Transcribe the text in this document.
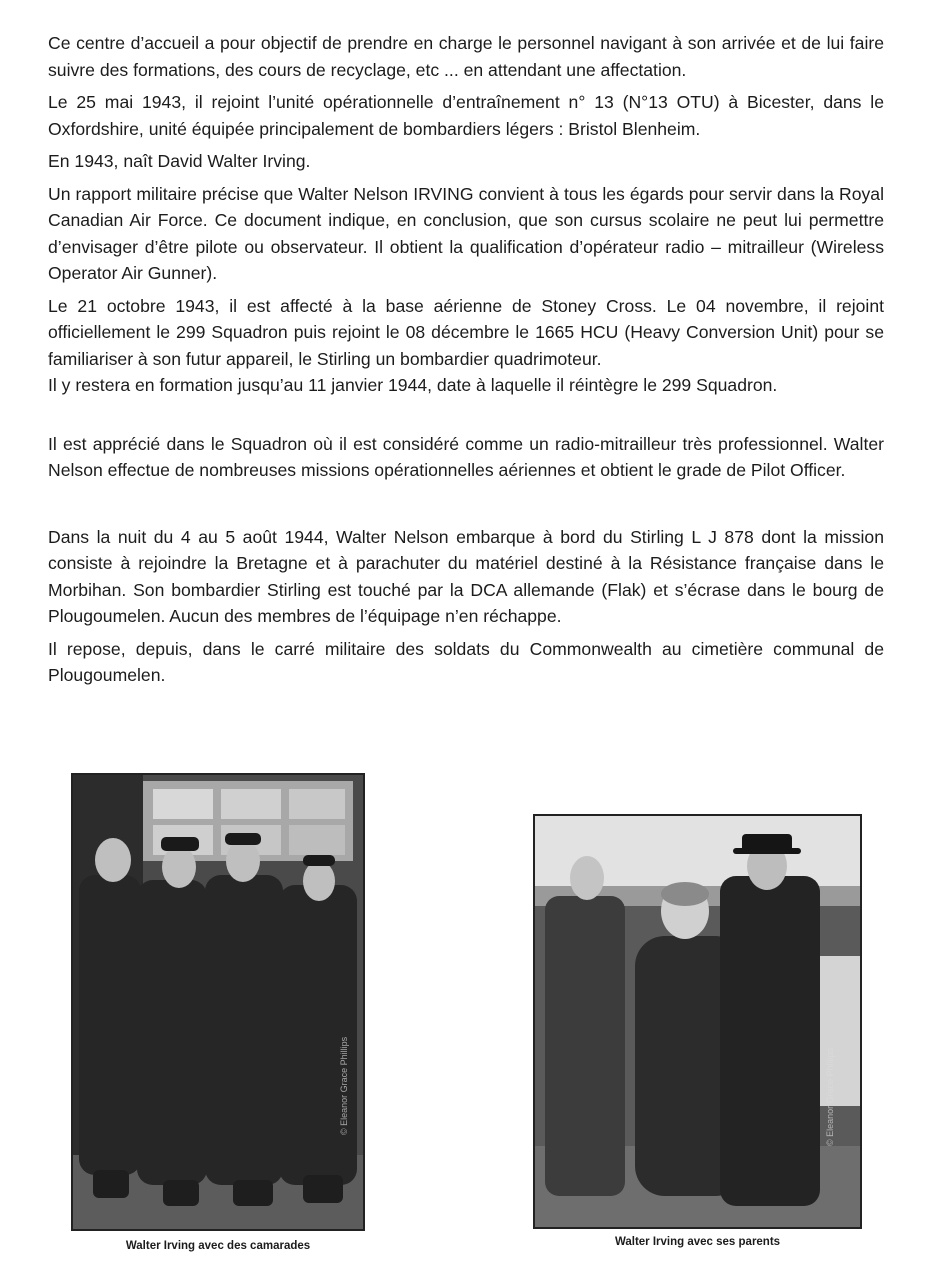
Ce centre d’accueil a pour objectif de prendre en charge le personnel navigant à son arrivée et de lui faire suivre des formations, des cours de recyclage, etc ... en attendant une affectation.

Le 25 mai 1943, il rejoint l’unité opérationnelle d’entraînement n° 13 (N°13 OTU) à Bicester, dans le Oxfordshire, unité équipée principalement de bombardiers légers : Bristol Blenheim.

En 1943, naît David Walter Irving.

Un rapport militaire précise que Walter Nelson IRVING convient à tous les égards pour servir dans la Royal Canadian Air Force. Ce document indique, en conclusion, que son cursus scolaire ne peut lui permettre d’envisager d’être pilote ou observateur. Il obtient la qualification d’opérateur radio – mitrailleur (Wireless Operator Air Gunner).

Le 21 octobre 1943, il est affecté à la base aérienne de Stoney Cross. Le 04 novembre, il rejoint officiellement le 299 Squadron puis rejoint le 08 décembre le 1665 HCU (Heavy Conversion Unit) pour se familiariser à son futur appareil, le Stirling un bombardier quadrimoteur.

Il y restera en formation jusqu’au 11 janvier 1944, date à laquelle il réintègre le 299 Squadron.

Il est apprécié dans le Squadron où il est considéré comme un radio-mitrailleur très professionnel. Walter Nelson effectue de nombreuses missions opérationnelles aériennes et obtient le grade de Pilot Officer.

Dans la nuit du 4 au 5 août 1944, Walter Nelson embarque à bord du Stirling L J 878 dont la mission consiste à rejoindre la Bretagne et à parachuter du matériel destiné à la Résistance française dans le Morbihan. Son bombardier Stirling est touché par la DCA allemande (Flak) et s’écrase dans le bourg de Plougoumelen. Aucun des membres de l’équipage n’en réchappe.

Il repose, depuis, dans le carré militaire des soldats du Commonwealth au cimetière communal de Plougoumelen.

© Eleanor Grace Phillips
Walter Irving avec des camarades
© Eleanor Grace Phillips
Walter Irving avec ses parents
